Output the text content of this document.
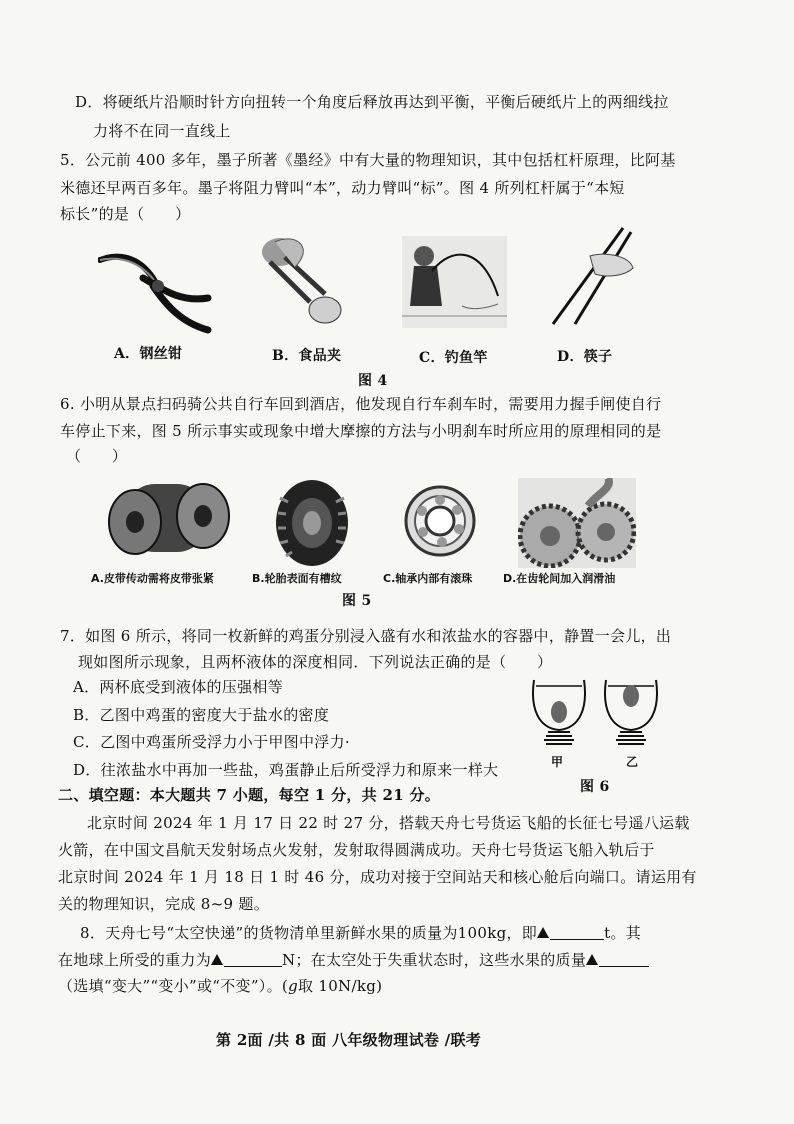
D．将硬纸片沿顺时针方向扭转一个角度后释放再达到平衡，平衡后硬纸片上的两细线拉
力将不在同一直线上
5．公元前 400 多年，墨子所著《墨经》中有大量的物理知识，其中包括杠杆原理，比阿基
米德还早两百多年。墨子将阻力臂叫“本”，动力臂叫“标”。图 4 所列杠杆属于“本短
标长”的是（　　）
A．钢丝钳	B．食品夹	C．钓鱼竿	D．筷子
图 4
6. 小明从景点扫码骑公共自行车回到酒店，他发现自行车刹车时，需要用力握手闸使自行
车停止下来，图 5 所示事实或现象中增大摩擦的方法与小明刹车时所应用的原理相同的是
（　　）
A.皮带传动需将皮带张紧	B.轮胎表面有槽纹	C.轴承内部有滚珠	D.在齿轮间加入润滑油
图 5
7．如图 6 所示，将同一枚新鲜的鸡蛋分别浸入盛有水和浓盐水的容器中，静置一会儿，出
现如图所示现象，且两杯液体的深度相同．下列说法正确的是（　　）
A．两杯底受到液体的压强相等
B．乙图中鸡蛋的密度大于盐水的密度
C．乙图中鸡蛋所受浮力小于甲图中浮力·
D．往浓盐水中再加一些盐，鸡蛋静止后所受浮力和原来一样大	甲	乙
图 6
二、填空题：本大题共 7 小题，每空 1 分，共 21 分。
北京时间 2024 年 1 月 17 日 22 时 27 分，搭载天舟七号货运飞船的长征七号遥八运载
火箭，在中国文昌航天发射场点火发射，发射取得圆满成功。天舟七号货运飞船入轨后于
北京时间 2024 年 1 月 18 日 1 时 46 分，成功对接于空间站天和核心舱后向端口。请运用有
关的物理知识，完成 8~9 题。
8．天舟七号“太空快递”的货物清单里新鲜水果的质量为100kg，即	t。其
在地球上所受的重力为	N；在太空处于失重状态时，这些水果的质量
（选填“变大”“变小”或“不变”）。(g取 10N/kg)
第 2面 /共 8 面 八年级物理试卷 /联考
